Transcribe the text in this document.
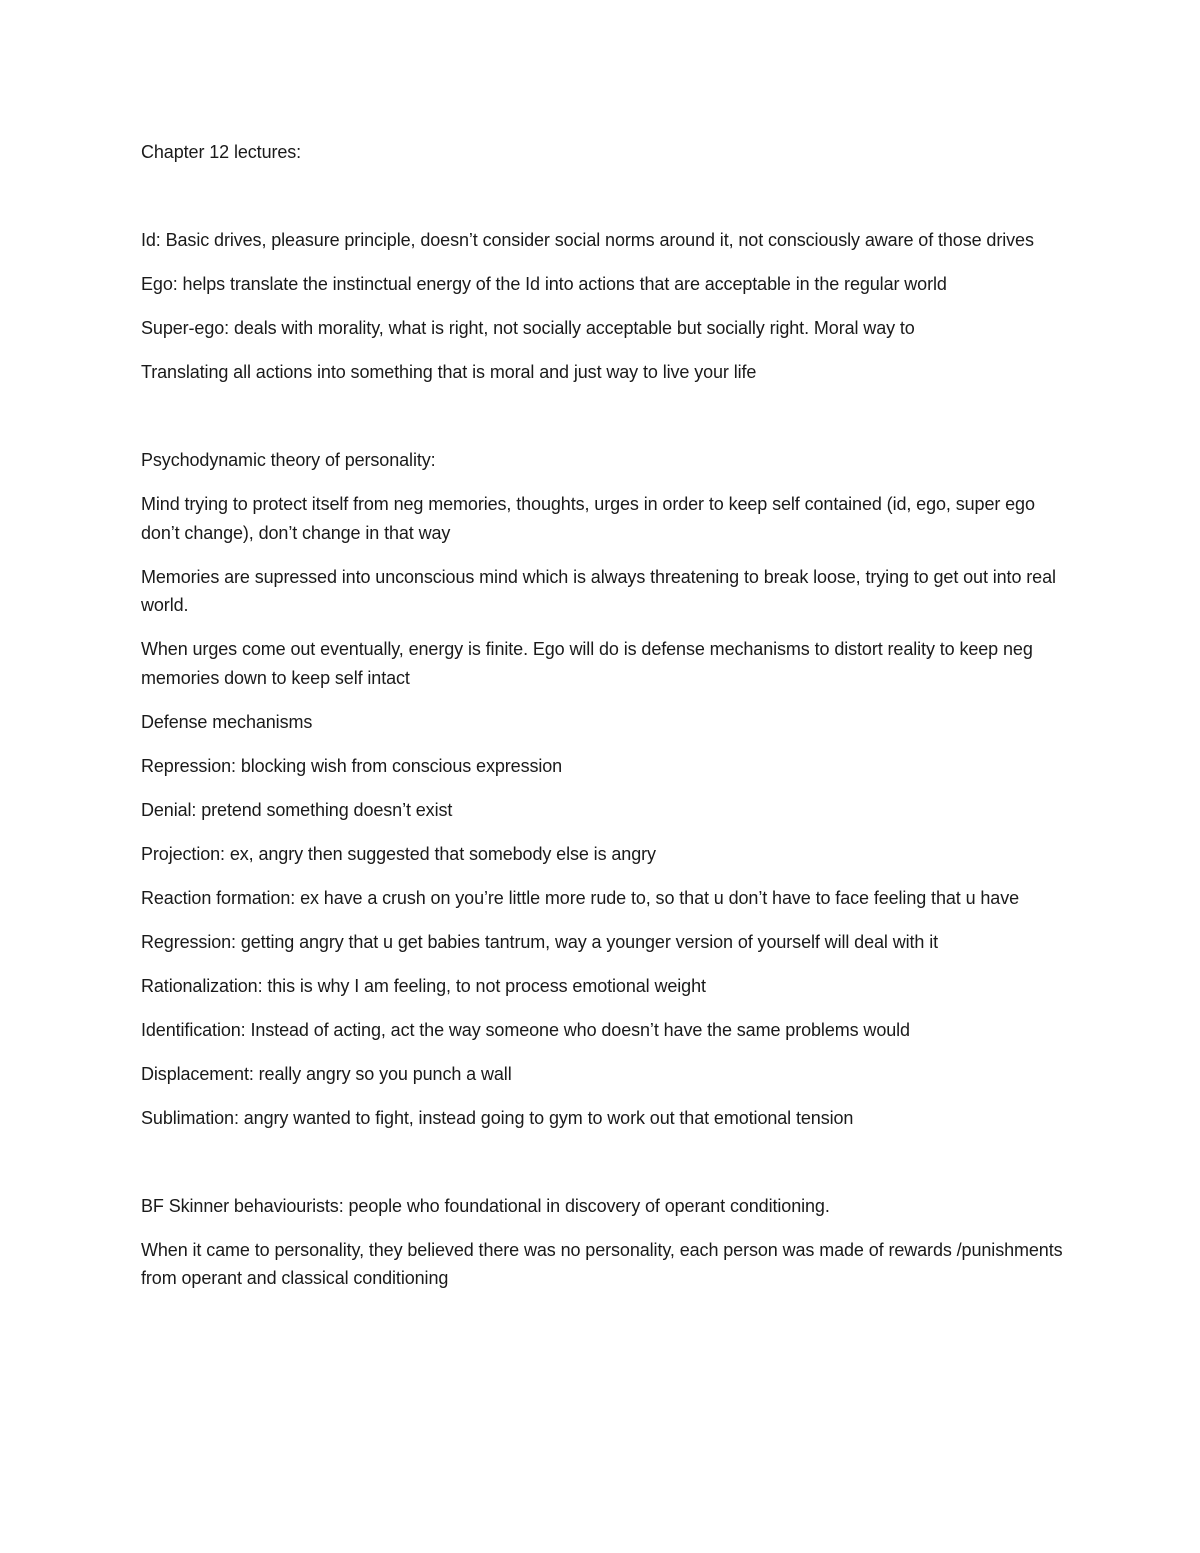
Chapter 12 lectures:

Id: Basic drives, pleasure principle, doesn’t consider social norms around it, not consciously aware of those drives

Ego: helps translate the instinctual energy of the Id into actions that are acceptable in the regular world

Super-ego: deals with morality, what is right, not socially acceptable but socially right. Moral way to

Translating all actions into something that is moral and just way to live your life

Psychodynamic theory of personality:

Mind trying to protect itself from neg memories, thoughts, urges in order to keep self contained (id, ego, super ego don’t change), don’t change in that way

Memories are supressed into unconscious mind which is always threatening to break loose, trying to get out into real world.

When urges come out eventually, energy is finite. Ego will do is defense mechanisms to distort reality to keep neg memories down to keep self intact

Defense mechanisms

Repression: blocking wish from conscious expression

Denial: pretend something doesn’t exist

Projection: ex, angry then suggested that somebody else is angry

Reaction formation: ex have a crush on you’re little more rude to, so that u don’t have to face feeling that u have

Regression: getting angry that u get babies tantrum, way a younger version of yourself will deal with it

Rationalization: this is why I am feeling, to not process emotional weight

Identification: Instead of acting, act the way someone who doesn’t have the same problems would

Displacement: really angry so you punch a wall

Sublimation: angry wanted to fight, instead going to gym to work out that emotional tension

BF Skinner behaviourists: people who foundational in discovery of operant conditioning.

When it came to personality, they believed there was no personality, each person was made of rewards /punishments from operant and classical conditioning
